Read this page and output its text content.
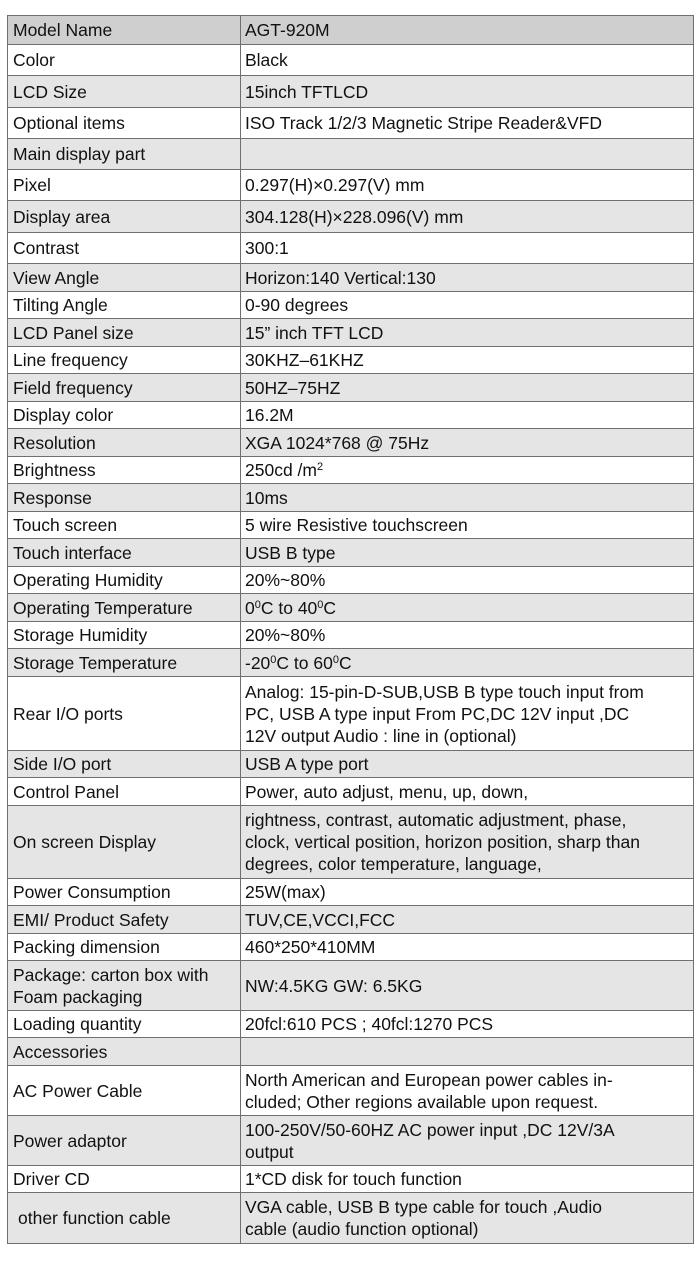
Model Name	AGT-920M
Color	Black
LCD Size	15inch TFTLCD
Optional items	ISO Track 1/2/3 Magnetic Stripe Reader&VFD
Main display part	
Pixel	0.297(H)×0.297(V) mm
Display area	304.128(H)×228.096(V) mm
Contrast	300:1
View Angle	Horizon:140 Vertical:130
Tilting Angle	0-90 degrees
LCD Panel size	15” inch TFT LCD
Line frequency	30KHZ–61KHZ
Field frequency	50HZ–75HZ
Display color	16.2M
Resolution	XGA 1024*768 @ 75Hz
Brightness	250cd $/m^2$
Response	10ms
Touch screen	5 wire Resistive touchscreen
Touch interface	USB B type
Operating Humidity	20%~80%
Operating Temperature	$0^0C$ to $40^0C$
Storage Humidity	20%~80%
Storage Temperature	$-20^0C$ to $60^0C$
Rear I/O ports	Analog: 15-pin-D-SUB,USB B type touch input from
PC, USB A type input From PC,DC 12V input ,DC
12V output Audio : line in (optional)
Side I/O port	USB A type port
Control Panel	Power, auto adjust, menu, up, down,
On screen Display	rightness, contrast, automatic adjustment, phase,
clock, vertical position, horizon position, sharp than
degrees, color temperature, language,
Power Consumption	25W(max)
EMI/ Product Safety	TUV,CE,VCCI,FCC
Packing dimension	460*250*410MM
Package: carton box with
Foam packaging	NW:4.5KG GW: 6.5KG
Loading quantity	20fcl:610 PCS ; 40fcl:1270 PCS
Accessories	
AC Power Cable	North American and European power cables in-
cluded; Other regions available upon request.
Power adaptor	100-250V/50-60HZ AC power input ,DC 12V/3A
output
Driver CD	1*CD disk for touch function
other function cable	VGA cable, USB B type cable for touch ,Audio
cable (audio function optional)
